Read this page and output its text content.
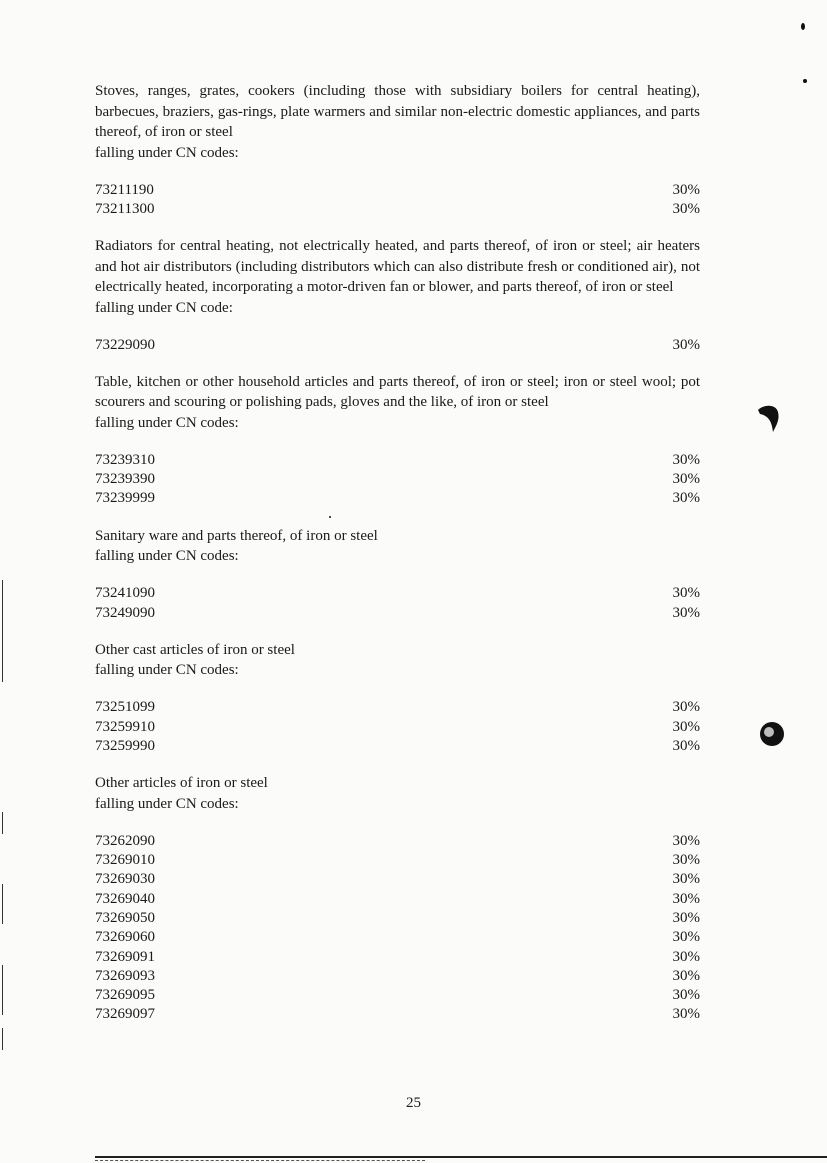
Stoves, ranges, grates, cookers (including those with subsidiary boilers for central heating), barbecues, braziers, gas-rings, plate warmers and similar non-electric domestic appliances, and parts thereof, of iron or steel

falling under CN codes:

73211190	30%
73211300	30%

Radiators for central heating, not electrically heated, and parts thereof, of iron or steel; air heaters and hot air distributors (including distributors which can also distribute fresh or conditioned air), not electrically heated, incorporating a motor-driven fan or blower, and parts thereof, of iron or steel

falling under CN code:

73229090	30%

Table, kitchen or other household articles and parts thereof, of iron or steel; iron or steel wool; pot scourers and scouring or polishing pads, gloves and the like, of iron or steel

falling under CN codes:

73239310	30%
73239390	30%
73239999	30%

Sanitary ware and parts thereof, of iron or steel

falling under CN codes:

73241090	30%
73249090	30%

Other cast articles of iron or steel

falling under CN codes:

73251099	30%
73259910	30%
73259990	30%

Other articles of iron or steel

falling under CN codes:

73262090	30%
73269010	30%
73269030	30%
73269040	30%
73269050	30%
73269060	30%
73269091	30%
73269093	30%
73269095	30%
73269097	30%
25
